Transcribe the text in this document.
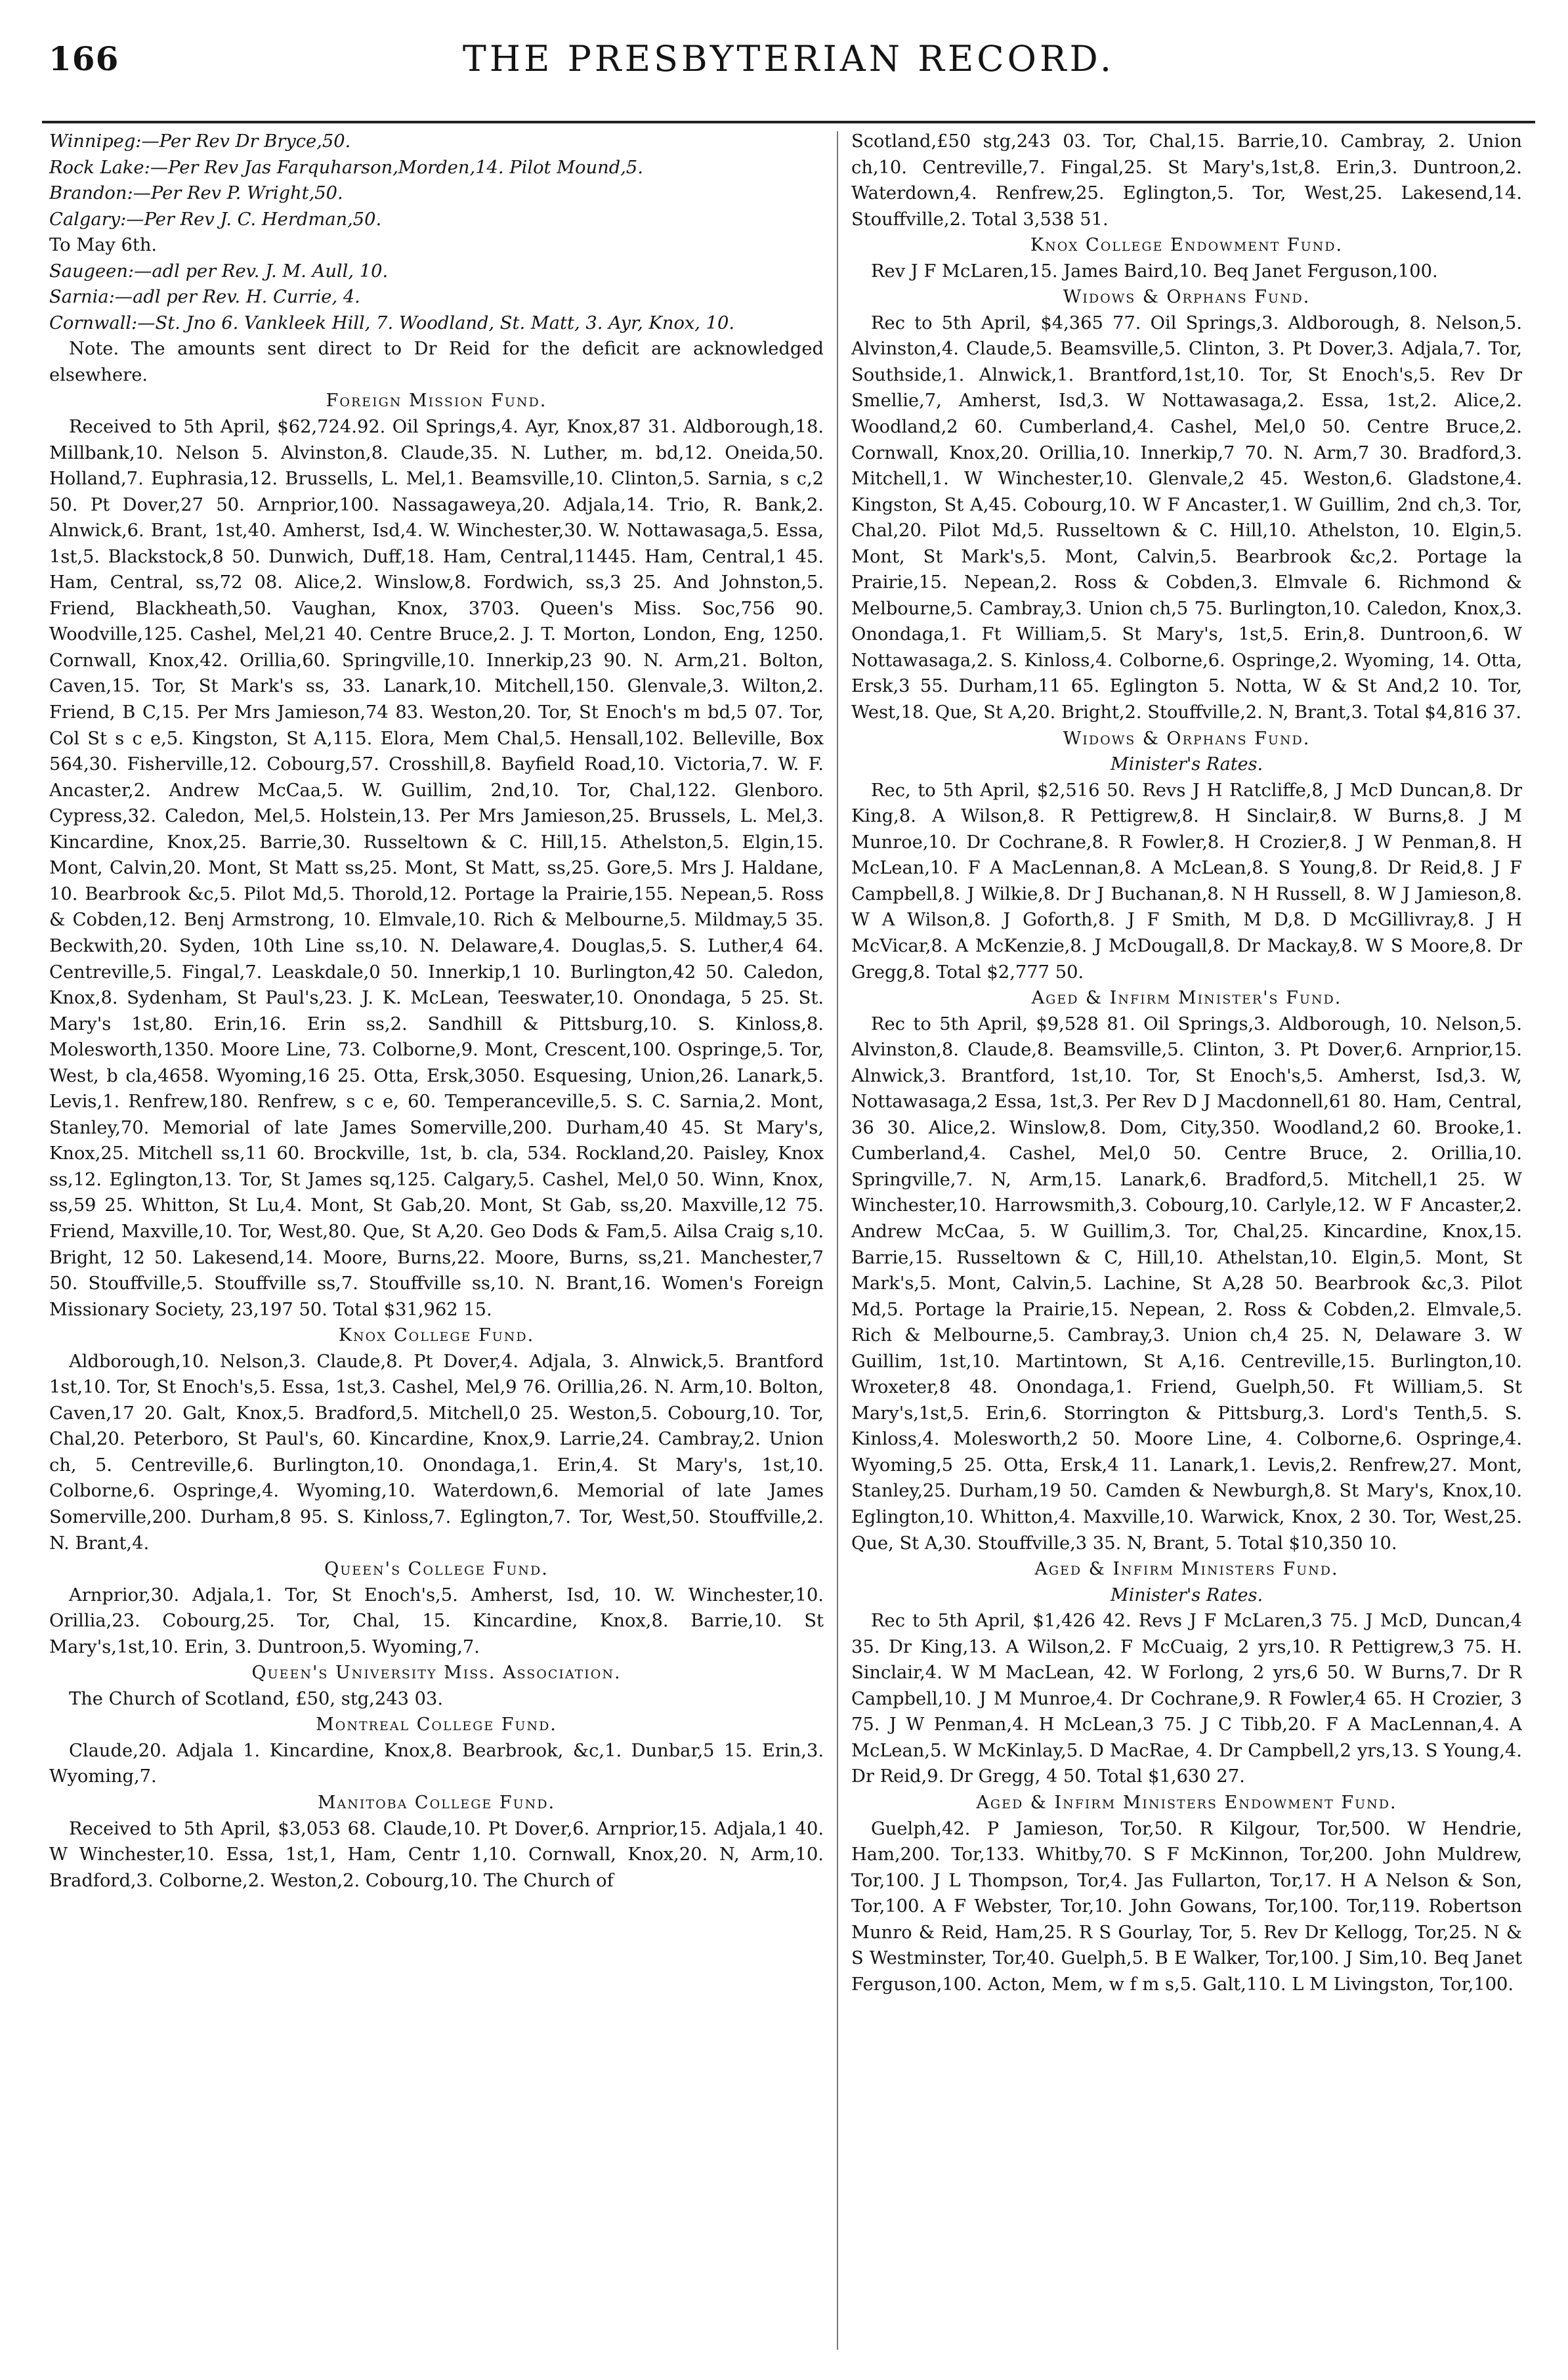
166	THE PRESBYTERIAN RECORD.

Winnipeg:—Per Rev Dr Bryce,50.

Rock Lake:—Per Rev Jas Farquharson,Morden,14. Pilot Mound,5.

Brandon:—Per Rev P. Wright,50.

Calgary:—Per Rev J. C. Herdman,50.

To May 6th.

Saugeen:—adl per Rev. J. M. Aull, 10.

Sarnia:—adl per Rev. H. Currie, 4.

Cornwall:—St. Jno 6. Vankleek Hill, 7. Woodland, St. Matt, 3. Ayr, Knox, 10.

Note. The amounts sent direct to Dr Reid for the deficit are acknowledged elsewhere.

Foreign Mission Fund.

Received to 5th April, $62,724.92. Oil Springs,4. Ayr, Knox,87 31. Aldborough,18. Millbank,10. Nelson 5. Alvinston,8. Claude,35. N. Luther, m. bd,12. Oneida,50. Holland,7. Euphrasia,12. Brussells, L. Mel,1. Beamsville,10. Clinton,5. Sarnia, s c,2 50. Pt Dover,27 50. Arnprior,100. Nassagaweya,20. Adjala,14. Trio, R. Bank,2. Alnwick,6. Brant, 1st,40. Amherst, Isd,4. W. Winchester,30. W. Nottawasaga,5. Essa, 1st,5. Blackstock,8 50. Dunwich, Duff,18. Ham, Central,11445. Ham, Central,1 45. Ham, Central, ss,72 08. Alice,2. Winslow,8. Fordwich, ss,3 25. And Johnston,5. Friend, Blackheath,50. Vaughan, Knox, 3703. Queen's Miss. Soc,756 90. Woodville,125. Cashel, Mel,21 40. Centre Bruce,2. J. T. Morton, London, Eng, 1250. Cornwall, Knox,42. Orillia,60. Springville,10. Innerkip,23 90. N. Arm,21. Bolton, Caven,15. Tor, St Mark's ss, 33. Lanark,10. Mitchell,150. Glenvale,3. Wilton,2. Friend, B C,15. Per Mrs Jamieson,74 83. Weston,20. Tor, St Enoch's m bd,5 07. Tor, Col St s c e,5. Kingston, St A,115. Elora, Mem Chal,5. Hensall,102. Belleville, Box 564,30. Fisherville,12. Cobourg,57. Crosshill,8. Bayfield Road,10. Victoria,7. W. F. Ancaster,2. Andrew McCaa,5. W. Guillim, 2nd,10. Tor, Chal,122. Glenboro. Cypress,32. Caledon, Mel,5. Holstein,13. Per Mrs Jamieson,25. Brussels, L. Mel,3. Kincardine, Knox,25. Barrie,30. Russeltown & C. Hill,15. Athelston,5. Elgin,15. Mont, Calvin,20. Mont, St Matt ss,25. Mont, St Matt, ss,25. Gore,5. Mrs J. Haldane, 10. Bearbrook &c,5. Pilot Md,5. Thorold,12. Portage la Prairie,155. Nepean,5. Ross & Cobden,12. Benj Armstrong, 10. Elmvale,10. Rich & Melbourne,5. Mildmay,5 35. Beckwith,20. Syden, 10th Line ss,10. N. Delaware,4. Douglas,5. S. Luther,4 64. Centreville,5. Fingal,7. Leaskdale,0 50. Innerkip,1 10. Burlington,42 50. Caledon, Knox,8. Sydenham, St Paul's,23. J. K. McLean, Teeswater,10. Onondaga, 5 25. St. Mary's 1st,80. Erin,16. Erin ss,2. Sandhill & Pittsburg,10. S. Kinloss,8. Molesworth,1350. Moore Line, 73. Colborne,9. Mont, Crescent,100. Ospringe,5. Tor, West, b cla,4658. Wyoming,16 25. Otta, Ersk,3050. Esquesing, Union,26. Lanark,5. Levis,1. Renfrew,180. Renfrew, s c e, 60. Temperanceville,5. S. C. Sarnia,2. Mont, Stanley,70. Memorial of late James Somerville,200. Durham,40 45. St Mary's, Knox,25. Mitchell ss,11 60. Brockville, 1st, b. cla, 534. Rockland,20. Paisley, Knox ss,12. Eglington,13. Tor, St James sq,125. Calgary,5. Cashel, Mel,0 50. Winn, Knox, ss,59 25. Whitton, St Lu,4. Mont, St Gab,20. Mont, St Gab, ss,20. Maxville,12 75. Friend, Maxville,10. Tor, West,80. Que, St A,20. Geo Dods & Fam,5. Ailsa Craig s,10. Bright, 12 50. Lakesend,14. Moore, Burns,22. Moore, Burns, ss,21. Manchester,7 50. Stouffville,5. Stouffville ss,7. Stouffville ss,10. N. Brant,16. Women's Foreign Missionary Society, 23,197 50. Total $31,962 15.

Knox College Fund.

Aldborough,10. Nelson,3. Claude,8. Pt Dover,4. Adjala, 3. Alnwick,5. Brantford 1st,10. Tor, St Enoch's,5. Essa, 1st,3. Cashel, Mel,9 76. Orillia,26. N. Arm,10. Bolton, Caven,17 20. Galt, Knox,5. Bradford,5. Mitchell,0 25. Weston,5. Cobourg,10. Tor, Chal,20. Peterboro, St Paul's, 60. Kincardine, Knox,9. Larrie,24. Cambray,2. Union ch, 5. Centreville,6. Burlington,10. Onondaga,1. Erin,4. St Mary's, 1st,10. Colborne,6. Ospringe,4. Wyoming,10. Waterdown,6. Memorial of late James Somerville,200. Durham,8 95. S. Kinloss,7. Eglington,7. Tor, West,50. Stouffville,2. N. Brant,4.

Queen's College Fund.

Arnprior,30. Adjala,1. Tor, St Enoch's,5. Amherst, Isd, 10. W. Winchester,10. Orillia,23. Cobourg,25. Tor, Chal, 15. Kincardine, Knox,8. Barrie,10. St Mary's,1st,10. Erin, 3. Duntroon,5. Wyoming,7.

Queen's University Miss. Association.

The Church of Scotland, £50, stg,243 03.

Montreal College Fund.

Claude,20. Adjala 1. Kincardine, Knox,8. Bearbrook, &c,1. Dunbar,5 15. Erin,3. Wyoming,7.

Manitoba College Fund.

Received to 5th April, $3,053 68. Claude,10. Pt Dover,6. Arnprior,15. Adjala,1 40. W Winchester,10. Essa, 1st,1, Ham, Centr 1,10. Cornwall, Knox,20. N, Arm,10. Bradford,3. Colborne,2. Weston,2. Cobourg,10. The Church of

Scotland,£50 stg,243 03. Tor, Chal,15. Barrie,10. Cambray, 2. Union ch,10. Centreville,7. Fingal,25. St Mary's,1st,8. Erin,3. Duntroon,2. Waterdown,4. Renfrew,25. Eglington,5. Tor, West,25. Lakesend,14. Stouffville,2. Total 3,538 51.

Knox College Endowment Fund.

Rev J F McLaren,15. James Baird,10. Beq Janet Ferguson,100.

Widows & Orphans Fund.

Rec to 5th April, $4,365 77. Oil Springs,3. Aldborough, 8. Nelson,5. Alvinston,4. Claude,5. Beamsville,5. Clinton, 3. Pt Dover,3. Adjala,7. Tor, Southside,1. Alnwick,1. Brantford,1st,10. Tor, St Enoch's,5. Rev Dr Smellie,7, Amherst, Isd,3. W Nottawasaga,2. Essa, 1st,2. Alice,2. Woodland,2 60. Cumberland,4. Cashel, Mel,0 50. Centre Bruce,2. Cornwall, Knox,20. Orillia,10. Innerkip,7 70. N. Arm,7 30. Bradford,3. Mitchell,1. W Winchester,10. Glenvale,2 45. Weston,6. Gladstone,4. Kingston, St A,45. Cobourg,10. W F Ancaster,1. W Guillim, 2nd ch,3. Tor, Chal,20. Pilot Md,5. Russeltown & C. Hill,10. Athelston, 10. Elgin,5. Mont, St Mark's,5. Mont, Calvin,5. Bearbrook &c,2. Portage la Prairie,15. Nepean,2. Ross & Cobden,3. Elmvale 6. Richmond & Melbourne,5. Cambray,3. Union ch,5 75. Burlington,10. Caledon, Knox,3. Onondaga,1. Ft William,5. St Mary's, 1st,5. Erin,8. Duntroon,6. W Nottawasaga,2. S. Kinloss,4. Colborne,6. Ospringe,2. Wyoming, 14. Otta, Ersk,3 55. Durham,11 65. Eglington 5. Notta, W & St And,2 10. Tor, West,18. Que, St A,20. Bright,2. Stouffville,2. N, Brant,3. Total $4,816 37.

Widows & Orphans Fund.
Minister's Rates.

Rec, to 5th April, $2,516 50. Revs J H Ratcliffe,8, J McD Duncan,8. Dr King,8. A Wilson,8. R Pettigrew,8. H Sinclair,8. W Burns,8. J M Munroe,10. Dr Cochrane,8. R Fowler,8. H Crozier,8. J W Penman,8. H McLean,10. F A MacLennan,8. A McLean,8. S Young,8. Dr Reid,8. J F Campbell,8. J Wilkie,8. Dr J Buchanan,8. N H Russell, 8. W J Jamieson,8. W A Wilson,8. J Goforth,8. J F Smith, M D,8. D McGillivray,8. J H McVicar,8. A McKenzie,8. J McDougall,8. Dr Mackay,8. W S Moore,8. Dr Gregg,8. Total $2,777 50.

Aged & Infirm Minister's Fund.

Rec to 5th April, $9,528 81. Oil Springs,3. Aldborough, 10. Nelson,5. Alvinston,8. Claude,8. Beamsville,5. Clinton, 3. Pt Dover,6. Arnprior,15. Alnwick,3. Brantford, 1st,10. Tor, St Enoch's,5. Amherst, Isd,3. W, Nottawasaga,2 Essa, 1st,3. Per Rev D J Macdonnell,61 80. Ham, Central, 36 30. Alice,2. Winslow,8. Dom, City,350. Woodland,2 60. Brooke,1. Cumberland,4. Cashel, Mel,0 50. Centre Bruce, 2. Orillia,10. Springville,7. N, Arm,15. Lanark,6. Bradford,5. Mitchell,1 25. W Winchester,10. Harrowsmith,3. Cobourg,10. Carlyle,12. W F Ancaster,2. Andrew McCaa, 5. W Guillim,3. Tor, Chal,25. Kincardine, Knox,15. Barrie,15. Russeltown & C, Hill,10. Athelstan,10. Elgin,5. Mont, St Mark's,5. Mont, Calvin,5. Lachine, St A,28 50. Bearbrook &c,3. Pilot Md,5. Portage la Prairie,15. Nepean, 2. Ross & Cobden,2. Elmvale,5. Rich & Melbourne,5. Cambray,3. Union ch,4 25. N, Delaware 3. W Guillim, 1st,10. Martintown, St A,16. Centreville,15. Burlington,10. Wroxeter,8 48. Onondaga,1. Friend, Guelph,50. Ft William,5. St Mary's,1st,5. Erin,6. Storrington & Pittsburg,3. Lord's Tenth,5. S. Kinloss,4. Molesworth,2 50. Moore Line, 4. Colborne,6. Ospringe,4. Wyoming,5 25. Otta, Ersk,4 11. Lanark,1. Levis,2. Renfrew,27. Mont, Stanley,25. Durham,19 50. Camden & Newburgh,8. St Mary's, Knox,10. Eglington,10. Whitton,4. Maxville,10. Warwick, Knox, 2 30. Tor, West,25. Que, St A,30. Stouffville,3 35. N, Brant, 5. Total $10,350 10.

Aged & Infirm Ministers Fund.
Minister's Rates.

Rec to 5th April, $1,426 42. Revs J F McLaren,3 75. J McD, Duncan,4 35. Dr King,13. A Wilson,2. F McCuaig, 2 yrs,10. R Pettigrew,3 75. H. Sinclair,4. W M MacLean, 42. W Forlong, 2 yrs,6 50. W Burns,7. Dr R Campbell,10. J M Munroe,4. Dr Cochrane,9. R Fowler,4 65. H Crozier, 3 75. J W Penman,4. H McLean,3 75. J C Tibb,20. F A MacLennan,4. A McLean,5. W McKinlay,5. D MacRae, 4. Dr Campbell,2 yrs,13. S Young,4. Dr Reid,9. Dr Gregg, 4 50. Total $1,630 27.

Aged & Infirm Ministers Endowment Fund.

Guelph,42. P Jamieson, Tor,50. R Kilgour, Tor,500. W Hendrie, Ham,200. Tor,133. Whitby,70. S F McKinnon, Tor,200. John Muldrew, Tor,100. J L Thompson, Tor,4. Jas Fullarton, Tor,17. H A Nelson & Son, Tor,100. A F Webster, Tor,10. John Gowans, Tor,100. Tor,119. Robertson Munro & Reid, Ham,25. R S Gourlay, Tor, 5. Rev Dr Kellogg, Tor,25. N & S Westminster, Tor,40. Guelph,5. B E Walker, Tor,100. J Sim,10. Beq Janet Ferguson,100. Acton, Mem, w f m s,5. Galt,110. L M Livingston, Tor,100.
